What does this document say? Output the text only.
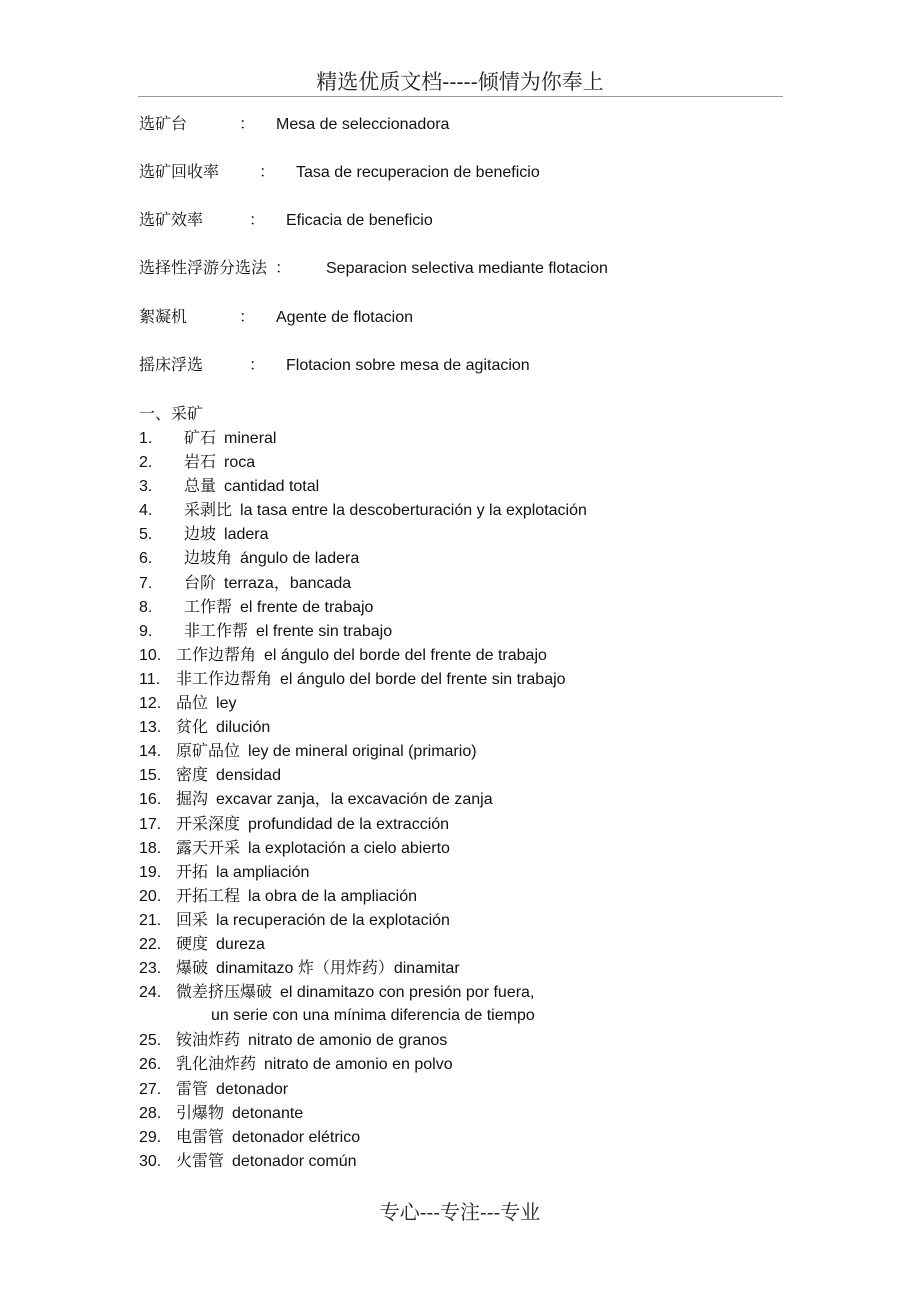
精选优质文档-----倾情为你奉上
选矿台	： Mesa de seleccionadora
选矿回收率 ： Tasa de recuperacion de beneficio
选矿效率	： Eficacia de beneficio
选择性浮游分选法 ： Separacion selectiva mediante flotacion
絮凝机	： Agente de flotacion
摇床浮选	： Flotacion sobre mesa de agitacion
一、采矿
1. 矿石 mineral
2. 岩石 roca
3. 总量 cantidad total
4. 采剥比 la tasa entre la descoberturación y la explotación
5. 边坡 ladera
6. 边坡角 ángulo de ladera
7. 台阶 terraza，bancada
8. 工作帮 el frente de trabajo
9. 非工作帮 el frente sin trabajo
10. 工作边帮角 el ángulo del borde del frente de trabajo
11. 非工作边帮角 el ángulo del borde del frente sin trabajo
12. 品位 ley
13. 贫化 dilución
14. 原矿品位 ley de mineral original (primario)
15. 密度 densidad
16. 掘沟 excavar zanja，la excavación de zanja
17. 开采深度 profundidad de la extracción
18. 露天开采 la explotación a cielo abierto
19. 开拓 la ampliación
20. 开拓工程 la obra de la ampliación
21. 回采 la recuperación de la explotación
22. 硬度 dureza
23. 爆破 dinamitazo 炸（用炸药）dinamitar
24. 微差挤压爆破 el dinamitazo con presión por fuera,
un serie con una mínima diferencia de tiempo
25. 铵油炸药 nitrato de amonio de granos
26. 乳化油炸药 nitrato de amonio en polvo
27. 雷管 detonador
28. 引爆物 detonante
29. 电雷管 detonador elétrico
30. 火雷管 detonador común
专心---专注---专业
